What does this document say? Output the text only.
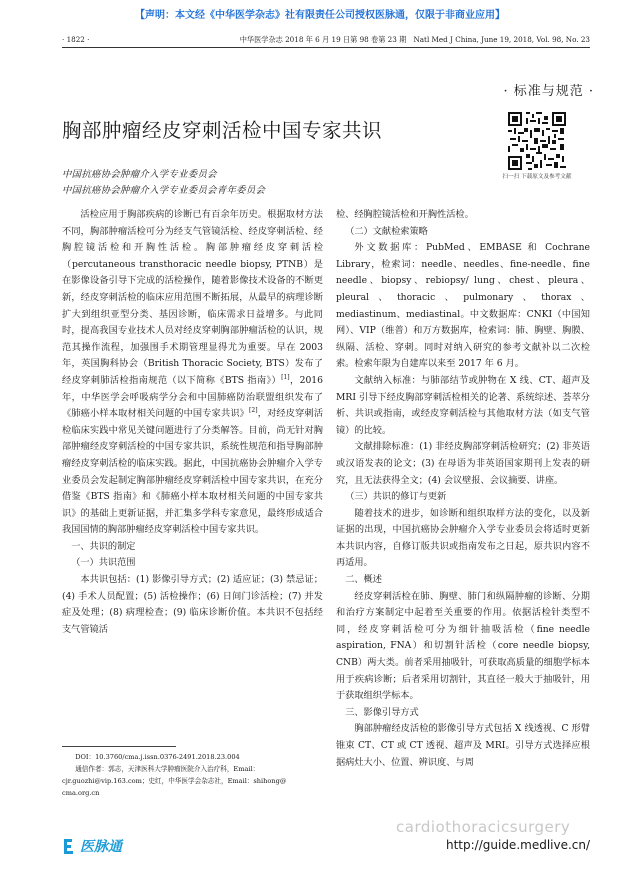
【声明：本文经《中华医学杂志》社有限责任公司授权医脉通，仅限于非商业应用】
· 1822 ·	中华医学杂志 2018 年 6 月 19 日第 98 卷第 23 期　Natl Med J China, June 19, 2018, Vol. 98, No. 23
· 标准与规范 ·
胸部肿瘤经皮穿刺活检中国专家共识
扫一扫 下载原文及参考文献
中国抗癌协会肿瘤介入学专业委员会
中国抗癌协会肿瘤介入学专业委员会青年委员会

活检应用于胸部疾病的诊断已有百余年历史。根据取材方法不同，胸部肿瘤活检可分为经支气管镜活检、经皮穿刺活检、经胸腔镜活检和开胸性活检。胸部肿瘤经皮穿刺活检（percutaneous transthoracic needle biopsy, PTNB）是在影像设备引导下完成的活检操作，随着影像技术设备的不断更新，经皮穿刺活检的临床应用范围不断拓展，从最早的病理诊断扩大到组织亚型分类、基因诊断，临床需求日益增多。与此同时，提高我国专业技术人员对经皮穿刺胸部肿瘤活检的认识，规范其操作流程，加强围手术期管理显得尤为重要。早在 2003 年，英国胸科协会（British Thoracic Society, BTS）发布了经皮穿刺肺活检指南规范（以下简称《BTS 指南》）[1]，2016 年，中华医学会呼吸病学分会和中国肺癌防治联盟组织发布了《肺癌小样本取材相关问题的中国专家共识》[2]，对经皮穿刺活检临床实践中常见关键问题进行了分类解答。目前，尚无针对胸部肿瘤经皮穿刺活检的中国专家共识，系统性规范和指导胸部肿瘤经皮穿刺活检的临床实践。据此，中国抗癌协会肿瘤介入学专业委员会发起制定胸部肿瘤经皮穿刺活检中国专家共识，在充分借鉴《BTS 指南》和《肺癌小样本取材相关问题的中国专家共识》的基础上更新证据，并汇集多学科专家意见，最终形成适合我国国情的胸部肿瘤经皮穿刺活检中国专家共识。

一、共识的制定

（一）共识范围

本共识包括：(1) 影像引导方式；(2) 适应证；(3) 禁忌证；(4) 手术人员配置；(5) 活检操作；(6) 日间门诊活检；(7) 并发症及处理；(8) 病理检查；(9) 临床诊断价值。本共识不包括经支气管镜活

检、经胸腔镜活检和开胸性活检。

（二）文献检索策略

外文数据库：PubMed、EMBASE 和 Cochrane Library，检索词：needle、needles、fine-needle、fine needle、biopsy、rebiopsy/ lung、chest、pleura、pleural、thoracic、pulmonary、thorax、mediastinum、mediastinal。中文数据库：CNKI（中国知网）、VIP（维普）和万方数据库，检索词：肺、胸壁、胸膜、纵隔、活检、穿刺。同时对纳入研究的参考文献补以二次检索。检索年限为自建库以来至 2017 年 6 月。

文献纳入标准：与肺部结节或肿物在 X 线、CT、超声及 MRI 引导下经皮胸部穿刺活检相关的论著、系统综述、荟萃分析、共识或指南，或经皮穿刺活检与其他取材方法（如支气管镜）的比较。

文献排除标准：(1) 非经皮胸部穿刺活检研究；(2) 非英语或汉语发表的论文；(3) 在母语为非英语国家期刊上发表的研究，且无法获得全文；(4) 会议壁报、会议摘要、讲座。

（三）共识的修订与更新

随着技术的进步，如诊断和组织取样方法的变化，以及新证据的出现，中国抗癌协会肿瘤介入学专业委员会将适时更新本共识内容，自修订版共识或指南发布之日起，原共识内容不再适用。

二、概述

经皮穿刺活检在肺、胸壁、肺门和纵隔肿瘤的诊断、分期和治疗方案制定中起着至关重要的作用。依据活检针类型不同，经皮穿刺活检可分为细针抽吸活检（fine needle aspiration, FNA）和切割针活检（core needle biopsy, CNB）两大类。前者采用抽吸针，可获取高质量的细胞学标本用于疾病诊断；后者采用切割针，其直径一般大于抽吸针，用于获取组织学标本。

三、影像引导方式

胸部肿瘤经皮活检的影像引导方式包括 X 线透视、C 形臂锥束 CT、CT 或 CT 透视、超声及 MRI。引导方式选择应根据病灶大小、位置、辨识度、与周

DOI：10.3760/cma.j.issn.0376-2491.2018.23.004

通信作者：郭志，天津医科大学肿瘤医院介入治疗科，Email：

cjr.guozhi@vip.163.com；史红，中华医学会杂志社，Email：shihong@

cma.org.cn

医脉通
cardiothoracicsurgery
http://guide.medlive.cn/
